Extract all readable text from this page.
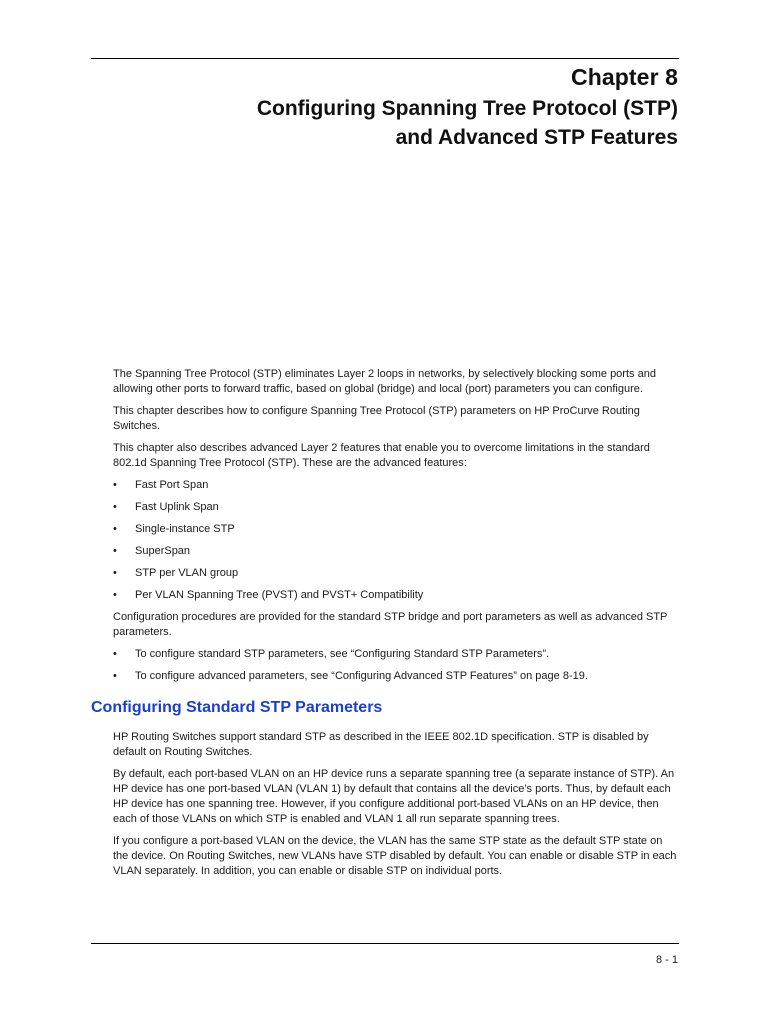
Chapter 8
Configuring Spanning Tree Protocol (STP)
and Advanced STP Features

The Spanning Tree Protocol (STP) eliminates Layer 2 loops in networks, by selectively blocking some ports and allowing other ports to forward traffic, based on global (bridge) and local (port) parameters you can configure.

This chapter describes how to configure Spanning Tree Protocol (STP) parameters on HP ProCurve Routing Switches.

This chapter also describes advanced Layer 2 features that enable you to overcome limitations in the standard 802.1d Spanning Tree Protocol (STP). These are the advanced features:

• Fast Port Span
• Fast Uplink Span
• Single-instance STP
• SuperSpan
• STP per VLAN group
• Per VLAN Spanning Tree (PVST) and PVST+ Compatibility

Configuration procedures are provided for the standard STP bridge and port parameters as well as advanced STP parameters.

• To configure standard STP parameters, see “Configuring Standard STP Parameters”.
• To configure advanced parameters, see “Configuring Advanced STP Features” on page 8-19.
Configuring Standard STP Parameters

HP Routing Switches support standard STP as described in the IEEE 802.1D specification. STP is disabled by default on Routing Switches.

By default, each port-based VLAN on an HP device runs a separate spanning tree (a separate instance of STP). An HP device has one port-based VLAN (VLAN 1) by default that contains all the device’s ports. Thus, by default each HP device has one spanning tree. However, if you configure additional port-based VLANs on an HP device, then each of those VLANs on which STP is enabled and VLAN 1 all run separate spanning trees.

If you configure a port-based VLAN on the device, the VLAN has the same STP state as the default STP state on the device. On Routing Switches, new VLANs have STP disabled by default. You can enable or disable STP in each VLAN separately. In addition, you can enable or disable STP on individual ports.

8 - 1
